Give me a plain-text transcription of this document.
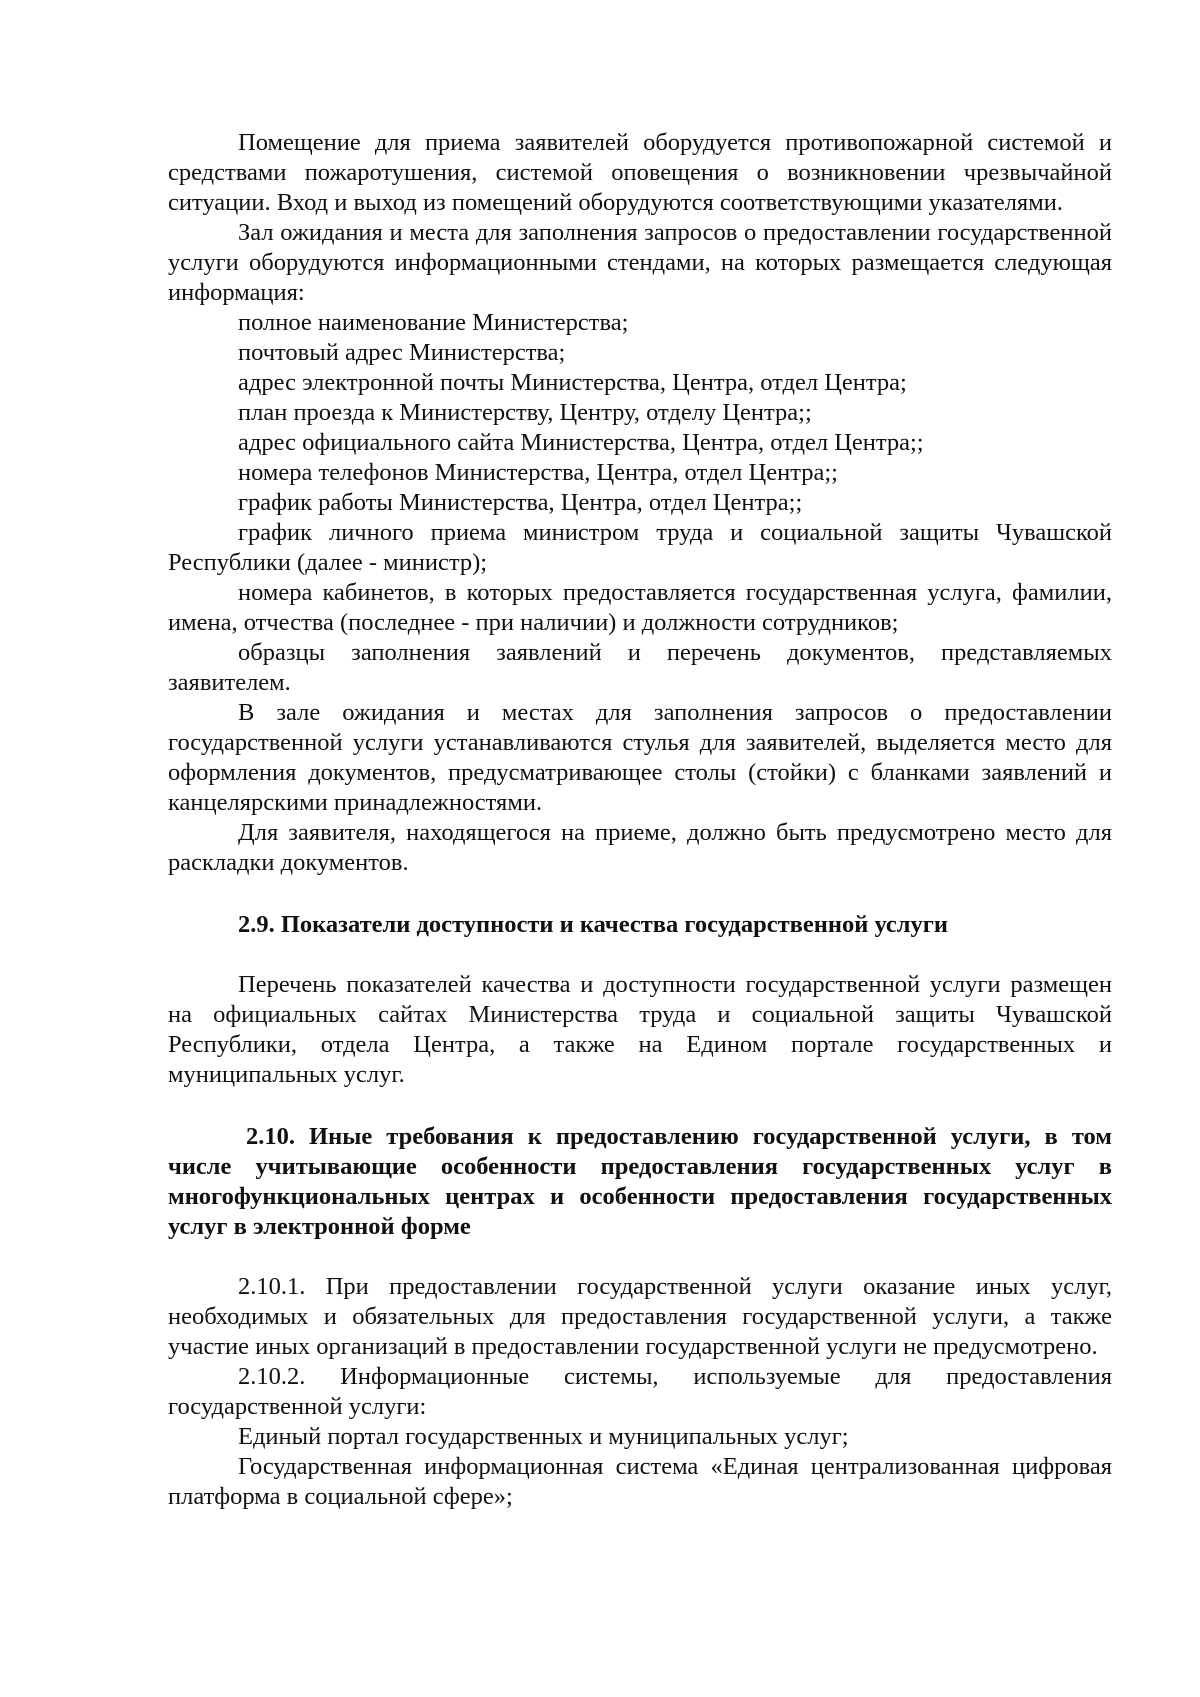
Помещение для приема заявителей оборудуется противопожарной системой и средствами пожаротушения, системой оповещения о возникновении чрезвычайной ситуации. Вход и выход из помещений оборудуются соответствующими указателями.

Зал ожидания и места для заполнения запросов о предоставлении государственной услуги оборудуются информационными стендами, на которых размещается следующая информация:

полное наименование Министерства;

почтовый адрес Министерства;

адрес электронной почты Министерства, Центра, отдел Центра;

план проезда к Министерству, Центру, отделу Центра;;

адрес официального сайта Министерства, Центра, отдел Центра;;

номера телефонов Министерства, Центра, отдел Центра;;

график работы Министерства, Центра, отдел Центра;;

график личного приема министром труда и социальной защиты Чувашской Республики (далее - министр);

номера кабинетов, в которых предоставляется государственная услуга, фамилии, имена, отчества (последнее - при наличии) и должности сотрудников;

образцы заполнения заявлений и перечень документов, представляемых заявителем.

В зале ожидания и местах для заполнения запросов о предоставлении государственной услуги устанавливаются стулья для заявителей, выделяется место для оформления документов, предусматривающее столы (стойки) с бланками заявлений и канцелярскими принадлежностями.

Для заявителя, находящегося на приеме, должно быть предусмотрено место для раскладки документов.

2.9. Показатели доступности и качества государственной услуги

Перечень показателей качества и доступности государственной услуги размещен на официальных сайтах Министерства труда и социальной защиты Чувашской Республики, отдела Центра, а также на Едином портале государственных и муниципальных услуг.

2.10. Иные требования к предоставлению государственной услуги, в том числе учитывающие особенности предоставления государственных услуг в многофункциональных центрах и особенности предоставления государственных услуг в электронной форме

2.10.1. При предоставлении государственной услуги оказание иных услуг, необходимых и обязательных для предоставления государственной услуги, а также участие иных организаций в предоставлении государственной услуги не предусмотрено.

2.10.2. Информационные системы, используемые для предоставления государственной услуги:

Единый портал государственных и муниципальных услуг;

Государственная информационная система «Единая централизованная цифровая платформа в социальной сфере»;
